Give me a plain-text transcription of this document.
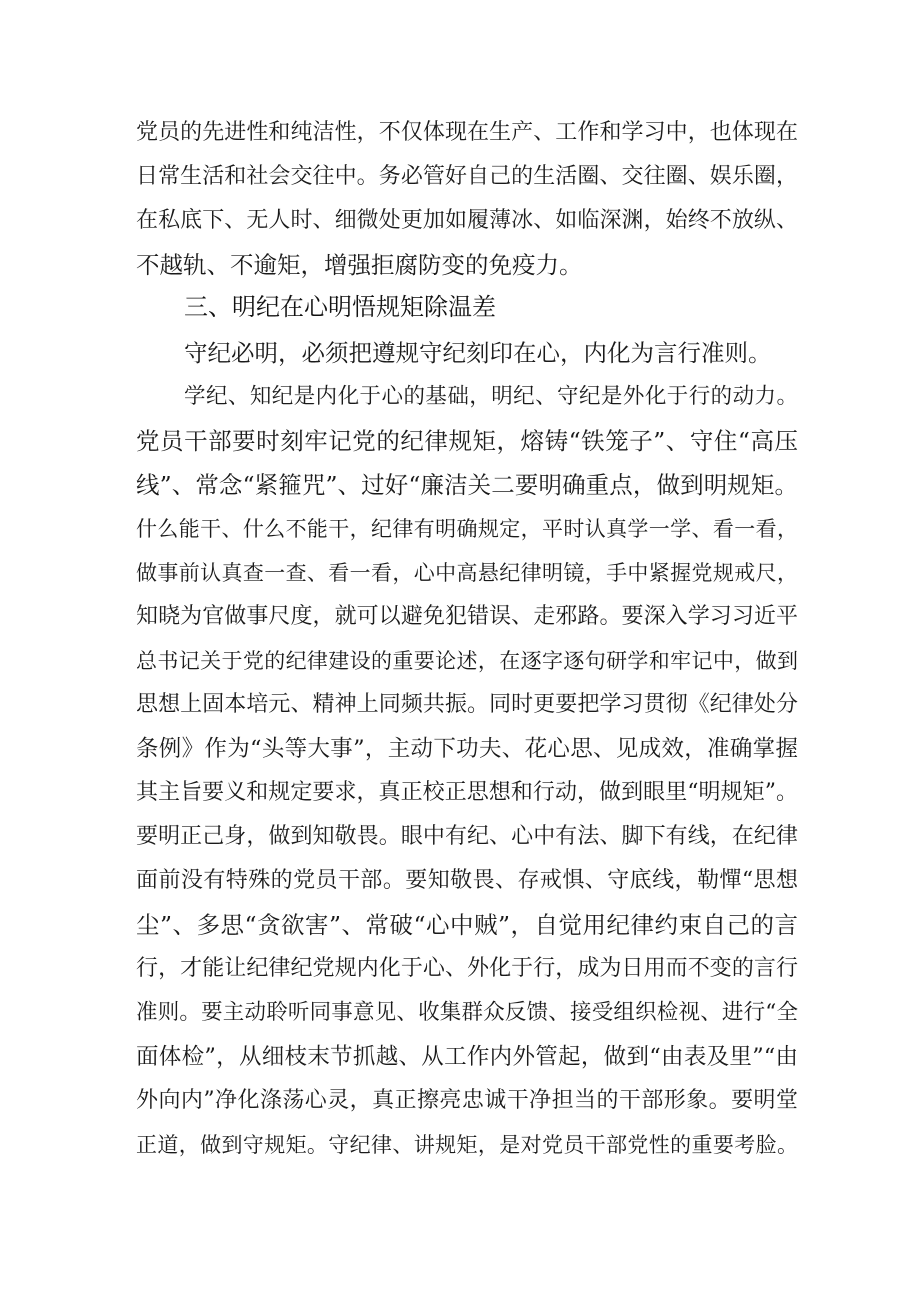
党员的先进性和纯洁性，不仅体现在生产、工作和学习中，也体现在
日常生活和社会交往中。务必管好自己的生活圈、交往圈、娱乐圈，
在私底下、无人时、细微处更加如履薄冰、如临深渊，始终不放纵、
不越轨、不逾矩，增强拒腐防变的免疫力。
三、明纪在心明悟规矩除温差
守纪必明，必须把遵规守纪刻印在心，内化为言行准则。
学纪、知纪是内化于心的基础，明纪、守纪是外化于行的动力。
党员干部要时刻牢记党的纪律规矩，熔铸“铁笼子”、守住“高压
线”、常念“紧箍咒”、过好“廉洁关二要明确重点，做到明规矩。
什么能干、什么不能干，纪律有明确规定，平时认真学一学、看一看，
做事前认真查一查、看一看，心中高悬纪律明镜，手中紧握党规戒尺，
知晓为官做事尺度，就可以避免犯错误、走邪路。要深入学习习近平
总书记关于党的纪律建设的重要论述，在逐字逐句研学和牢记中，做到
思想上固本培元、精神上同频共振。同时更要把学习贯彻《纪律处分
条例》作为“头等大事”，主动下功夫、花心思、见成效，准确掌握
其主旨要义和规定要求，真正校正思想和行动，做到眼里“明规矩”。
要明正己身，做到知敬畏。眼中有纪、心中有法、脚下有线，在纪律
面前没有特殊的党员干部。要知敬畏、存戒惧、守底线，勒憚“思想
尘”、多思“贪欲害”、常破“心中贼”，自觉用纪律约束自己的言
行，才能让纪律纪党规内化于心、外化于行，成为日用而不变的言行
准则。要主动聆听同事意见、收集群众反馈、接受组织检视、进行“全
面体检”，从细枝末节抓越、从工作内外管起，做到“由表及里”“由
外向内”净化涤荡心灵，真正擦亮忠诚干净担当的干部形象。要明堂
正道，做到守规矩。守纪律、讲规矩，是对党员干部党性的重要考脸。
